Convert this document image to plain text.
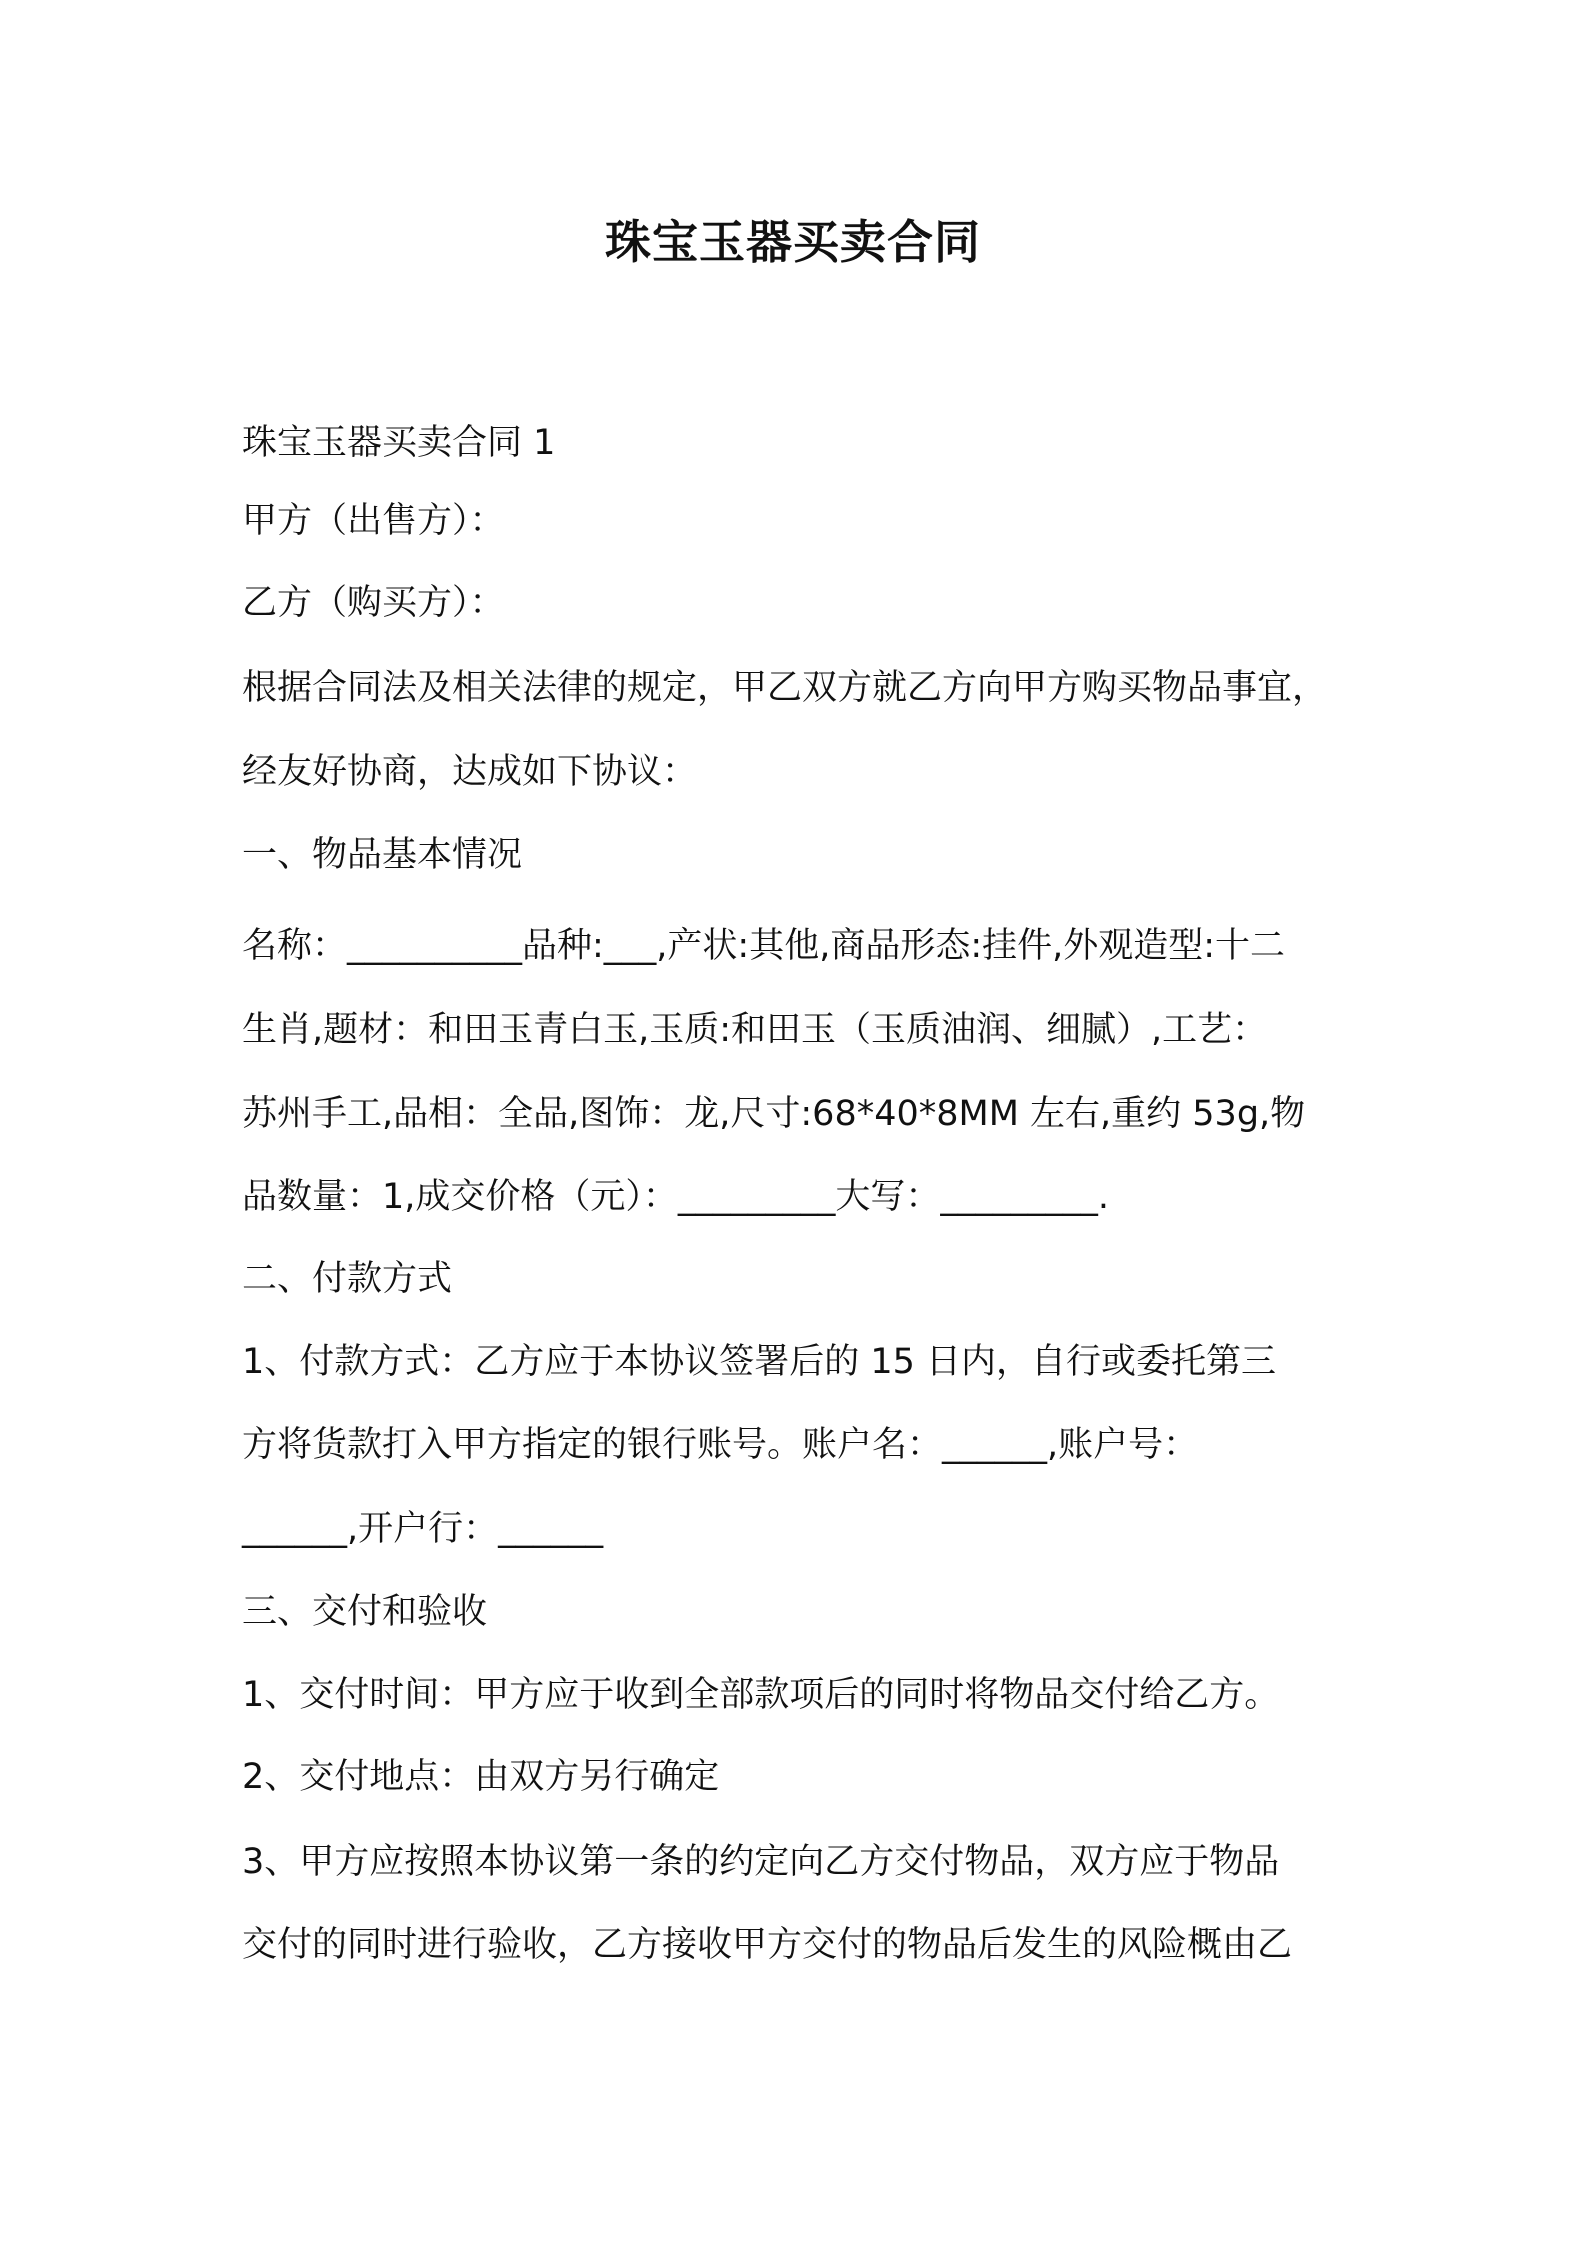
珠宝玉器买卖合同

珠宝玉器买卖合同 1

甲方（出售方）：

乙方（购买方）：

根据合同法及相关法律的规定，甲乙双方就乙方向甲方购买物品事宜，

经友好协商，达成如下协议：

一、物品基本情况

名称：__________品种:___,产状:其他,商品形态:挂件,外观造型:十二

生肖,题材：和田玉青白玉,玉质:和田玉（玉质油润、细腻）,工艺：

苏州手工,品相：全品,图饰：龙,尺寸:68*40*8MM 左右,重约 53g,物

品数量：1,成交价格（元）：_________大写：_________.

二、付款方式

1、付款方式：乙方应于本协议签署后的 15 日内，自行或委托第三

方将货款打入甲方指定的银行账号。账户名：______,账户号：

______,开户行：______

三、交付和验收

1、交付时间：甲方应于收到全部款项后的同时将物品交付给乙方。

2、交付地点：由双方另行确定

3、甲方应按照本协议第一条的约定向乙方交付物品，双方应于物品

交付的同时进行验收，乙方接收甲方交付的物品后发生的风险概由乙
